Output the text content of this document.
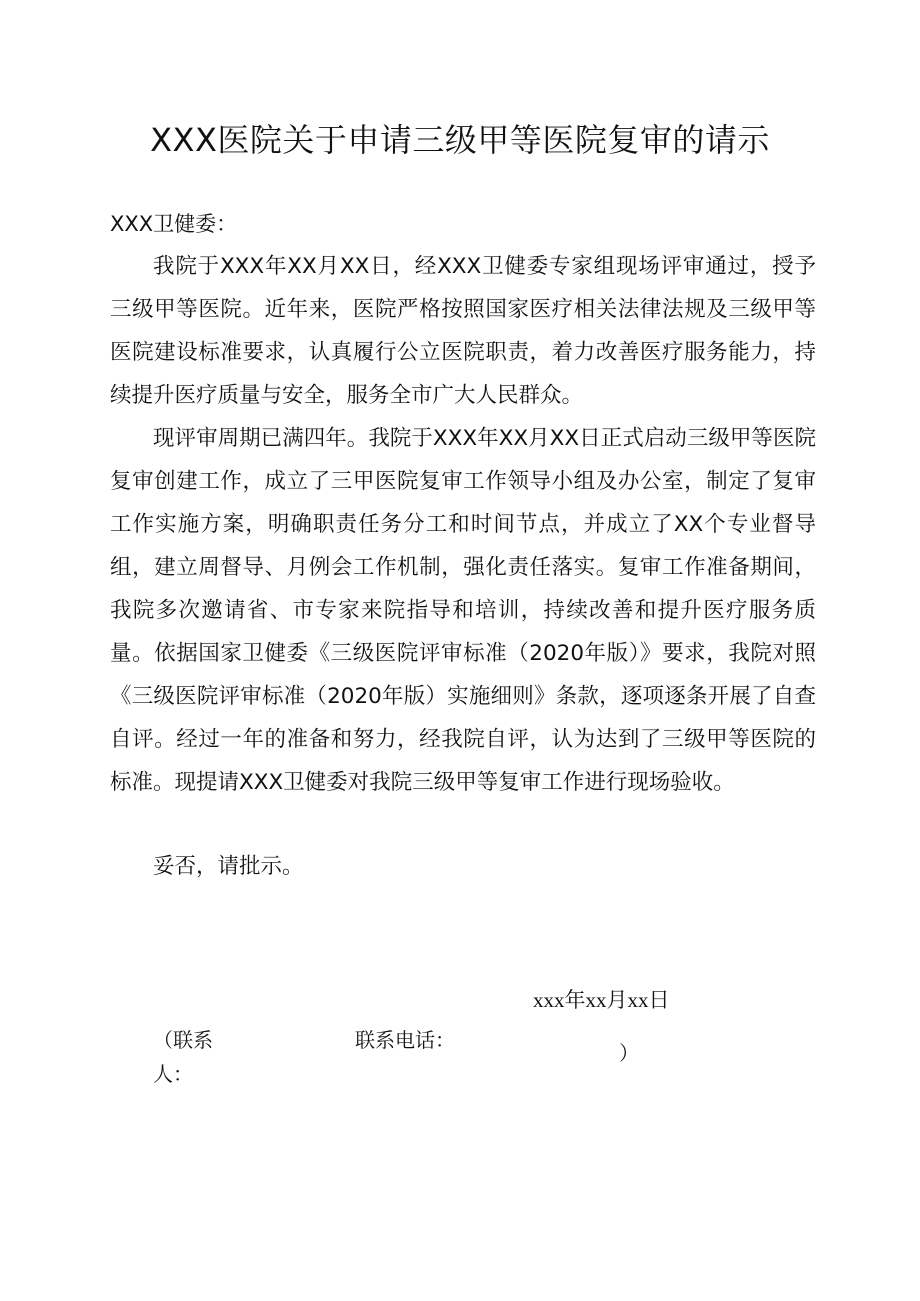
XXX医院关于申请三级甲等医院复审的请示
XXX卫健委：

我院于XXX年XX月XX日，经XXX卫健委专家组现场评审通过，授予三级甲等医院。近年来，医院严格按照国家医疗相关法律法规及三级甲等医院建设标准要求，认真履行公立医院职责，着力改善医疗服务能力，持续提升医疗质量与安全，服务全市广大人民群众。

现评审周期已满四年。我院于XXX年XX月XX日正式启动三级甲等医院复审创建工作，成立了三甲医院复审工作领导小组及办公室，制定了复审工作实施方案，明确职责任务分工和时间节点，并成立了XX个专业督导组，建立周督导、月例会工作机制，强化责任落实。复审工作准备期间，我院多次邀请省、市专家来院指导和培训，持续改善和提升医疗服务质量。依据国家卫健委《三级医院评审标准（2020年版）》要求，我院对照《三级医院评审标准（2020年版）实施细则》条款，逐项逐条开展了自查自评。经过一年的准备和努力，经我院自评，认为达到了三级甲等医院的标准。现提请XXX卫健委对我院三级甲等复审工作进行现场验收。

妥否，请批示。

xxx年xx月xx日
（联系人：
联系电话：
）
